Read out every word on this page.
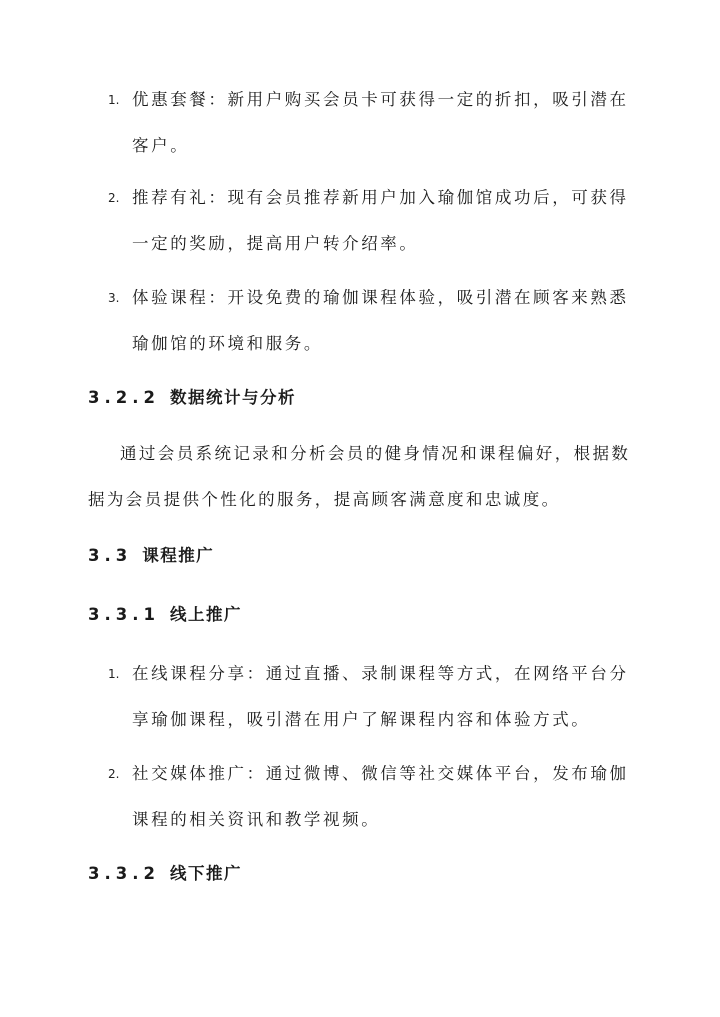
1. 优惠套餐：新用户购买会员卡可获得一定的折扣，吸引潜在
客户。
2. 推荐有礼：现有会员推荐新用户加入瑜伽馆成功后，可获得
一定的奖励，提高用户转介绍率。
3. 体验课程：开设免费的瑜伽课程体验，吸引潜在顾客来熟悉
瑜伽馆的环境和服务。
3.2.2 数据统计与分析
通过会员系统记录和分析会员的健身情况和课程偏好，根据数
据为会员提供个性化的服务，提高顾客满意度和忠诚度。
3.3 课程推广
3.3.1 线上推广
1. 在线课程分享：通过直播、录制课程等方式，在网络平台分
享瑜伽课程，吸引潜在用户了解课程内容和体验方式。
2. 社交媒体推广：通过微博、微信等社交媒体平台，发布瑜伽
课程的相关资讯和教学视频。
3.3.2 线下推广
